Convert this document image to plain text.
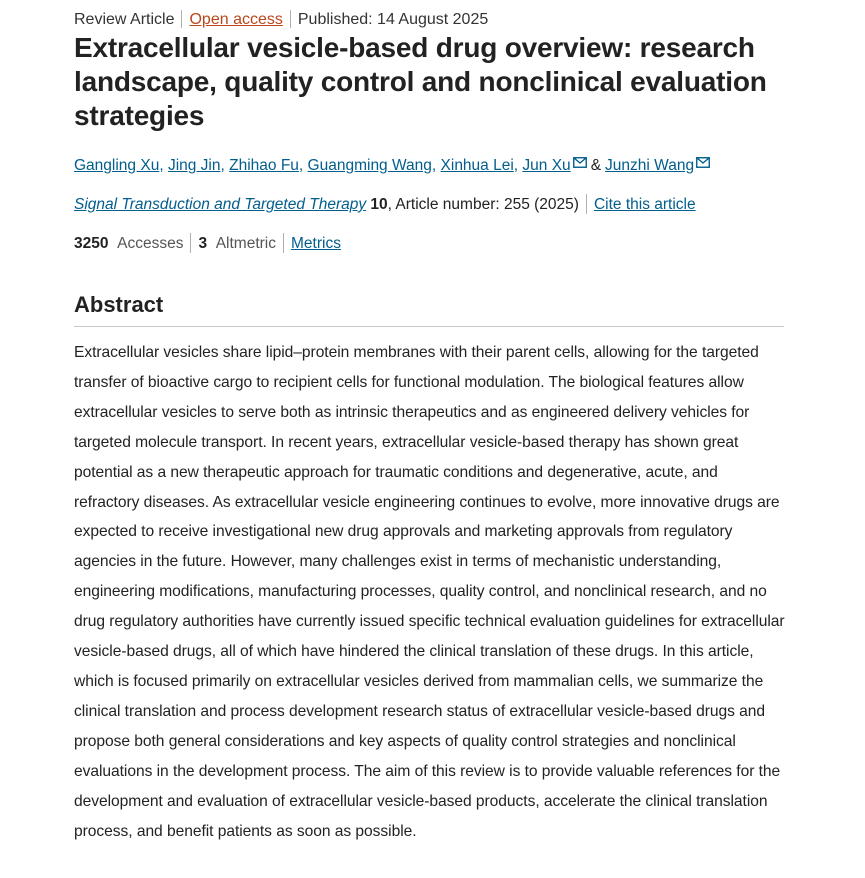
Review Article Open access Published: 14 August 2025
Extracellular vesicle-based drug overview: research landscape, quality control and nonclinical evaluation strategies
Gangling Xu, Jing Jin, Zhihao Fu, Guangming Wang, Xinhua Lei, Jun Xu & Junzhi Wang
Signal Transduction and Targeted Therapy 10, Article number: 255 (2025) Cite this article
3250 Accesses 3 Altmetric Metrics
Abstract

Extracellular vesicles share lipid–protein membranes with their parent cells, allowing for the targeted transfer of bioactive cargo to recipient cells for functional modulation. The biological features allow extracellular vesicles to serve both as intrinsic therapeutics and as engineered delivery vehicles for targeted molecule transport. In recent years, extracellular vesicle-based therapy has shown great potential as a new therapeutic approach for traumatic conditions and degenerative, acute, and refractory diseases. As extracellular vesicle engineering continues to evolve, more innovative drugs are expected to receive investigational new drug approvals and marketing approvals from regulatory agencies in the future. However, many challenges exist in terms of mechanistic understanding, engineering modifications, manufacturing processes, quality control, and nonclinical research, and no drug regulatory authorities have currently issued specific technical evaluation guidelines for extracellular vesicle-based drugs, all of which have hindered the clinical translation of these drugs. In this article, which is focused primarily on extracellular vesicles derived from mammalian cells, we summarize the clinical translation and process development research status of extracellular vesicle-based drugs and propose both general considerations and key aspects of quality control strategies and nonclinical evaluations in the development process. The aim of this review is to provide valuable references for the development and evaluation of extracellular vesicle-based products, accelerate the clinical translation process, and benefit patients as soon as possible.
